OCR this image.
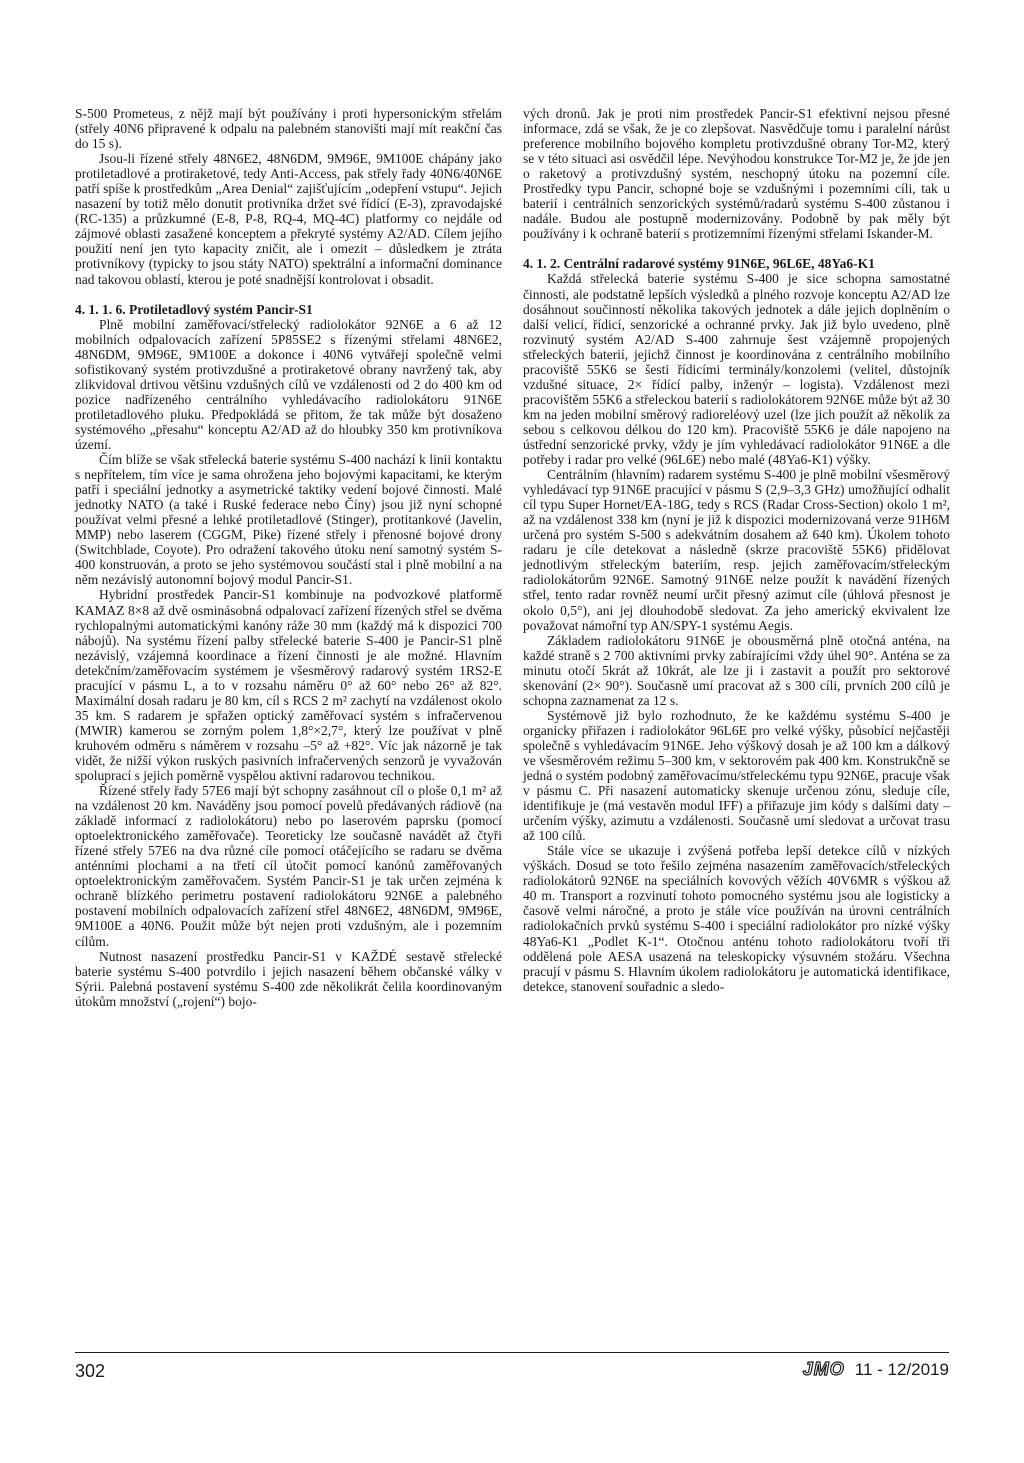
S-500 Prometeus, z nějž mají být používány i proti hypersonickým střelám (střely 40N6 připravené k odpalu na palebném stanovišti mají mít reakční čas do 15 s).

Jsou-li řízené střely 48N6E2, 48N6DM, 9M96E, 9M100E chápány jako protiletadlové a protiraketové, tedy Anti-Access, pak střely řady 40N6/40N6E patří spíše k prostředkům „Area Denial“ zajišťujícím „odepření vstupu“. Jejich nasazení by totiž mělo donutit protivníka držet své řídící (E-3), zpravodajské (RC-135) a průzkumné (E-8, P-8, RQ-4, MQ-4C) platformy co nejdále od zájmové oblasti zasažené konceptem a překryté systémy A2/AD. Cílem jejího použití není jen tyto kapacity zničit, ale i omezit – důsledkem je ztráta protivníkovy (typicky to jsou státy NATO) spektrální a informační dominance nad takovou oblastí, kterou je poté snadnější kontrolovat i obsadit.

4. 1. 1. 6. Protiletadlový systém Pancir-S1

Plně mobilní zaměřovací/střelecký radiolokátor 92N6E a 6 až 12 mobilních odpalovacích zařízení 5P85SE2 s řízenými střelami 48N6E2, 48N6DM, 9M96E, 9M100E a dokonce i 40N6 vytvářejí společně velmi sofistikovaný systém protivzdušné a protiraketové obrany navržený tak, aby zlikvidoval drtivou většinu vzdušných cílů ve vzdálenosti od 2 do 400 km od pozice nadřízeného centrálního vyhledávacího radiolokátoru 91N6E protiletadlového pluku. Předpokládá se přitom, že tak může být dosaženo systémového „přesahu“ konceptu A2/AD až do hloubky 350 km protivníkova území.

Čím blíže se však střelecká baterie systému S-400 nachází k linii kontaktu s nepřítelem, tím více je sama ohrožena jeho bojovými kapacitami, ke kterým patří i speciální jednotky a asymetrické taktiky vedení bojové činnosti. Malé jednotky NATO (a také i Ruské federace nebo Číny) jsou již nyní schopné používat velmi přesné a lehké protiletadlové (Stinger), protitankové (Javelin, MMP) nebo laserem (CGGM, Pike) řízené střely i přenosné bojové drony (Switchblade, Coyote). Pro odražení takového útoku není samotný systém S-400 konstruován, a proto se jeho systémovou součástí stal i plně mobilní a na něm nezávislý autonomní bojový modul Pancir-S1.

Hybridní prostředek Pancir-S1 kombinuje na podvozkové platformě KAMAZ 8×8 až dvě osminásobná odpalovací zařízení řízených střel se dvěma rychlopalnými automatickými kanóny ráže 30 mm (každý má k dispozici 700 nábojů). Na systému řízení palby střelecké baterie S-400 je Pancir-S1 plně nezávislý, vzájemná koordinace a řízení činnosti je ale možné. Hlavním detekčním/zaměřovacím systémem je všesměrový radarový systém 1RS2-E pracující v pásmu L, a to v rozsahu náměru 0° až 60° nebo 26° až 82°. Maximální dosah radaru je 80 km, cíl s RCS 2 m² zachytí na vzdálenost okolo 35 km. S radarem je spřažen optický zaměřovací systém s infračervenou (MWIR) kamerou se zorným polem 1,8°×2,7°, který lze používat v plně kruhovém odměru s náměrem v rozsahu –5° až +82°. Víc jak názorně je tak vidět, že nižší výkon ruských pasivních infračervených senzorů je vyvažován spoluprací s jejich poměrně vyspělou aktivní radarovou technikou.

Řízené střely řady 57E6 mají být schopny zasáhnout cíl o ploše 0,1 m² až na vzdálenost 20 km. Naváděny jsou pomocí povelů předávaných rádiově (na základě informací z radiolokátoru) nebo po laserovém paprsku (pomocí optoelektronického zaměřovače). Teoreticky lze současně navádět až čtyři řízené střely 57E6 na dva různé cíle pomocí otáčejícího se radaru se dvěma anténními plochami a na třetí cíl útočit pomocí kanónů zaměřovaných optoelektronickým zaměřovačem. Systém Pancir-S1 je tak určen zejména k ochraně blízkého perimetru postavení radiolokátoru 92N6E a palebného postavení mobilních odpalovacích zařízení střel 48N6E2, 48N6DM, 9M96E, 9M100E a 40N6. Použit může být nejen proti vzdušným, ale i pozemním cílům.

Nutnost nasazení prostředku Pancir-S1 v KAŽDÉ sestavě střelecké baterie systému S-400 potvrdilo i jejich nasazení během občanské války v Sýrii. Palebná postavení systému S-400 zde několikrát čelila koordinovaným útokům množství („rojení“) bojo-

vých dronů. Jak je proti nim prostředek Pancir-S1 efektivní nejsou přesné informace, zdá se však, že je co zlepšovat. Nasvědčuje tomu i paralelní nárůst preference mobilního bojového kompletu protivzdušné obrany Tor-M2, který se v této situaci asi osvědčil lépe. Nevýhodou konstrukce Tor-M2 je, že jde jen o raketový a protivzdušný systém, neschopný útoku na pozemní cíle. Prostředky typu Pancir, schopné boje se vzdušnými i pozemními cíli, tak u baterií i centrálních senzorických systémů/radarů systému S-400 zůstanou i nadále. Budou ale postupně modernizovány. Podobně by pak měly být používány i k ochraně baterií s protizemními řízenými střelami Iskander-M.

4. 1. 2. Centrální radarové systémy 91N6E, 96L6E, 48Ya6-K1

Každá střelecká baterie systému S-400 je sice schopna samostatné činnosti, ale podstatně lepších výsledků a plného rozvoje konceptu A2/AD lze dosáhnout součinností několika takových jednotek a dále jejich doplněním o další velicí, řídicí, senzorické a ochranné prvky. Jak již bylo uvedeno, plně rozvinutý systém A2/AD S-400 zahrnuje šest vzájemně propojených střeleckých baterií, jejichž činnost je koordinována z centrálního mobilního pracoviště 55K6 se šesti řídicími terminály/konzolemi (velitel, důstojník vzdušné situace, 2× řídící palby, inženýr – logista). Vzdálenost mezi pracovištěm 55K6 a střeleckou baterií s radiolokátorem 92N6E může být až 30 km na jeden mobilní směrový radioreléový uzel (lze jich použít až několik za sebou s celkovou délkou do 120 km). Pracoviště 55K6 je dále napojeno na ústřední senzorické prvky, vždy je jím vyhledávací radiolokátor 91N6E a dle potřeby i radar pro velké (96L6E) nebo malé (48Ya6-K1) výšky.

Centrálním (hlavním) radarem systému S-400 je plně mobilní všesměrový vyhledávací typ 91N6E pracující v pásmu S (2,9–3,3 GHz) umožňující odhalit cíl typu Super Hornet/EA-18G, tedy s RCS (Radar Cross-Section) okolo 1 m², až na vzdálenost 338 km (nyní je již k dispozici modernizovaná verze 91H6M určená pro systém S-500 s adekvátním dosahem až 640 km). Úkolem tohoto radaru je cíle detekovat a následně (skrze pracoviště 55K6) přidělovat jednotlivým střeleckým bateriím, resp. jejich zaměřovacím/střeleckým radiolokátorům 92N6E. Samotný 91N6E nelze použít k navádění řízených střel, tento radar rovněž neumí určit přesný azimut cíle (úhlová přesnost je okolo 0,5°), ani jej dlouhodobě sledovat. Za jeho americký ekvivalent lze považovat námořní typ AN/SPY-1 systému Aegis.

Základem radiolokátoru 91N6E je obousměrná plně otočná anténa, na každé straně s 2 700 aktivními prvky zabírajícími vždy úhel 90°. Anténa se za minutu otočí 5krát až 10krát, ale lze ji i zastavit a použít pro sektorové skenování (2× 90°). Současně umí pracovat až s 300 cíli, prvních 200 cílů je schopna zaznamenat za 12 s.

Systémově již bylo rozhodnuto, že ke každému systému S-400 je organicky přiřazen i radiolokátor 96L6E pro velké výšky, působící nejčastěji společně s vyhledávacím 91N6E. Jeho výškový dosah je až 100 km a dálkový ve všesměrovém režimu 5–300 km, v sektorovém pak 400 km. Konstrukčně se jedná o systém podobný zaměřovacímu/střeleckému typu 92N6E, pracuje však v pásmu C. Při nasazení automaticky skenuje určenou zónu, sleduje cíle, identifikuje je (má vestavěn modul IFF) a přiřazuje jim kódy s dalšími daty – určením výšky, azimutu a vzdálenosti. Současně umí sledovat a určovat trasu až 100 cílů.

Stále více se ukazuje i zvýšená potřeba lepší detekce cílů v nízkých výškách. Dosud se toto řešilo zejména nasazením zaměřovacích/střeleckých radiolokátorů 92N6E na speciálních kovových věžích 40V6MR s výškou až 40 m. Transport a rozvinutí tohoto pomocného systému jsou ale logisticky a časově velmi náročné, a proto je stále více používán na úrovni centrálních radiolokačních prvků systému S-400 i speciální radiolokátor pro nízké výšky 48Ya6-K1 „Podlet K-1“. Otočnou anténu tohoto radiolokátoru tvoří tři oddělená pole AESA usazená na teleskopicky výsuvném stožáru. Všechna pracují v pásmu S. Hlavním úkolem radiolokátoru je automatická identifikace, detekce, stanovení souřadnic a sledo-

302	JMO 11 - 12/2019
